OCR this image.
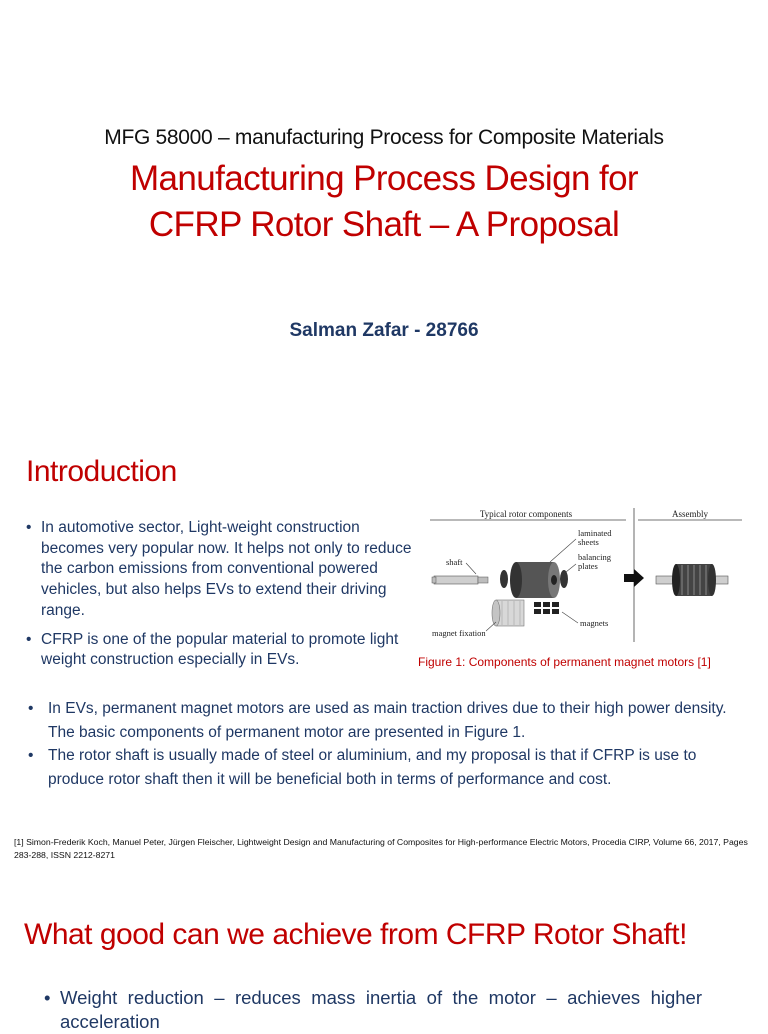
MFG 58000 – manufacturing Process for Composite Materials
Manufacturing Process Design for
CFRP Rotor Shaft – A Proposal
Salman Zafar - 28766
Introduction
• In automotive sector, Light-weight construction becomes very popular now. It helps not only to reduce the carbon emissions from conventional powered vehicles, but also helps EVs to extend their driving range.
• CFRP is one of the popular material to promote light weight construction especially in EVs.
Typical rotor components	Assembly
shaft
laminated
sheets
balancing
plates
magnet fixation
magnets
Figure 1: Components of permanent magnet motors [1]
• In EVs, permanent magnet motors are used as main traction drives due to their high power density. The basic components of permanent motor are presented in Figure 1.
• The rotor shaft is usually made of steel or aluminium, and my proposal is that if CFRP is use to produce rotor shaft then it will be beneficial both in terms of performance and cost.
[1] Simon-Frederik Koch, Manuel Peter, Jürgen Fleischer, Lightweight Design and Manufacturing of Composites for High-performance Electric Motors, Procedia CIRP, Volume 66, 2017, Pages 283-288, ISSN 2212-8271
What good can we achieve from CFRP Rotor Shaft!
• Weight reduction – reduces mass inertia of the motor – achieves higher acceleration
